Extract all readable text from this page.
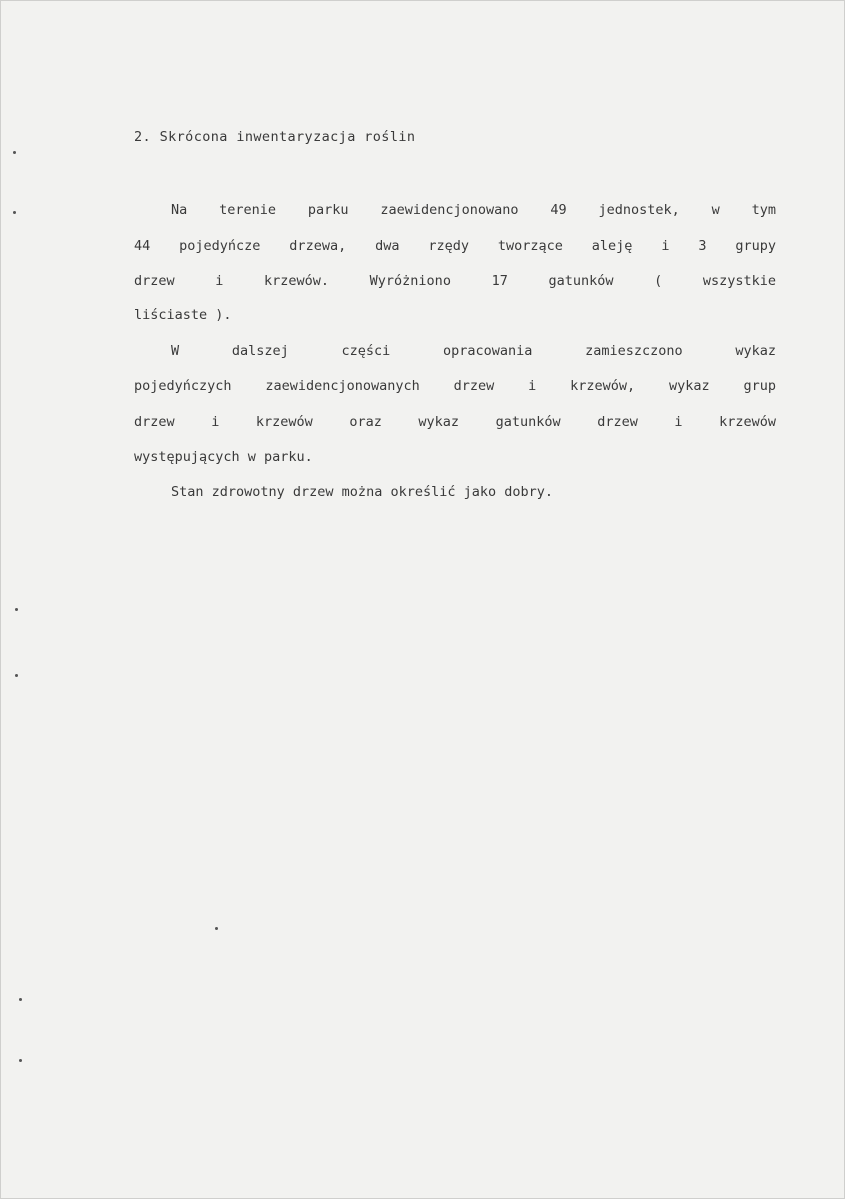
2. Skrócona inwentaryzacja roślin
Na terenie parku zaewidencjonowano 49 jednostek, w tym
44 pojedyńcze drzewa, dwa rzędy tworzące aleję i 3 grupy
drzew i krzewów. Wyróżniono 17 gatunków ( wszystkie
liściaste ).
W dalszej części opracowania zamieszczono wykaz
pojedyńczych zaewidencjonowanych drzew i krzewów, wykaz grup
drzew i krzewów oraz wykaz gatunków drzew i krzewów
występujących w parku.
Stan zdrowotny drzew można określić jako dobry.
